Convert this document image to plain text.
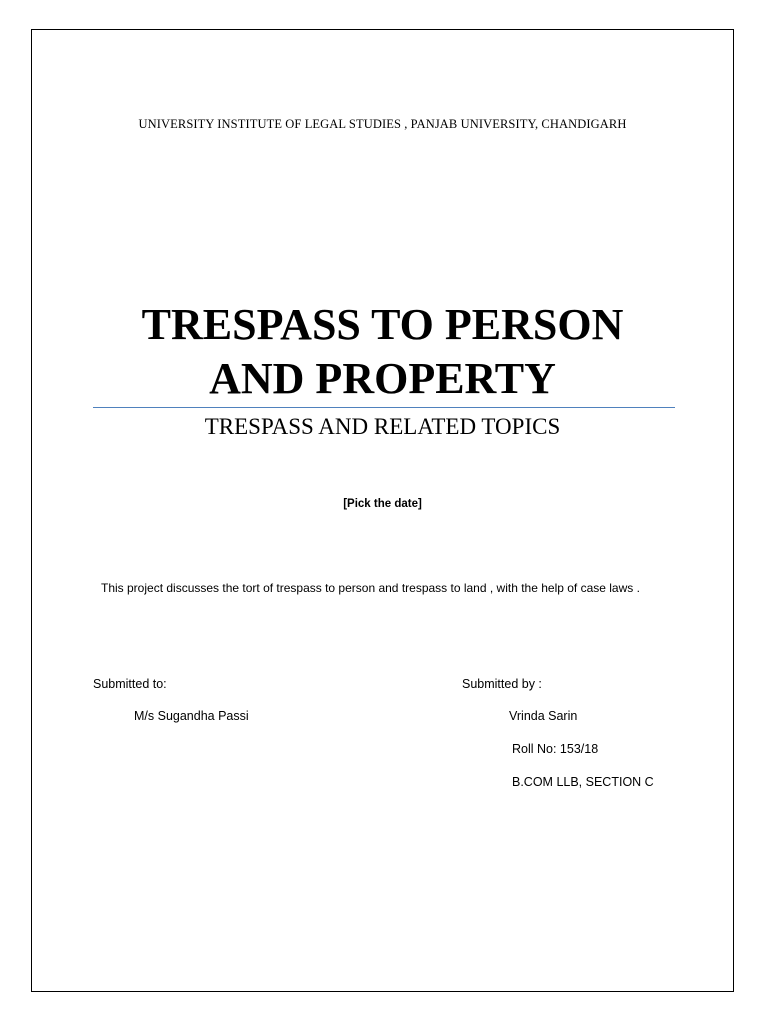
UNIVERSITY INSTITUTE OF LEGAL STUDIES , PANJAB UNIVERSITY, CHANDIGARH
TRESPASS TO PERSON
AND PROPERTY
TRESPASS AND RELATED TOPICS
[Pick the date]
This project discusses the tort of trespass to person and trespass to land , with the help of case laws .
Submitted to:
M/s Sugandha Passi
Submitted by :
Vrinda Sarin
Roll No: 153/18
B.COM LLB, SECTION C
